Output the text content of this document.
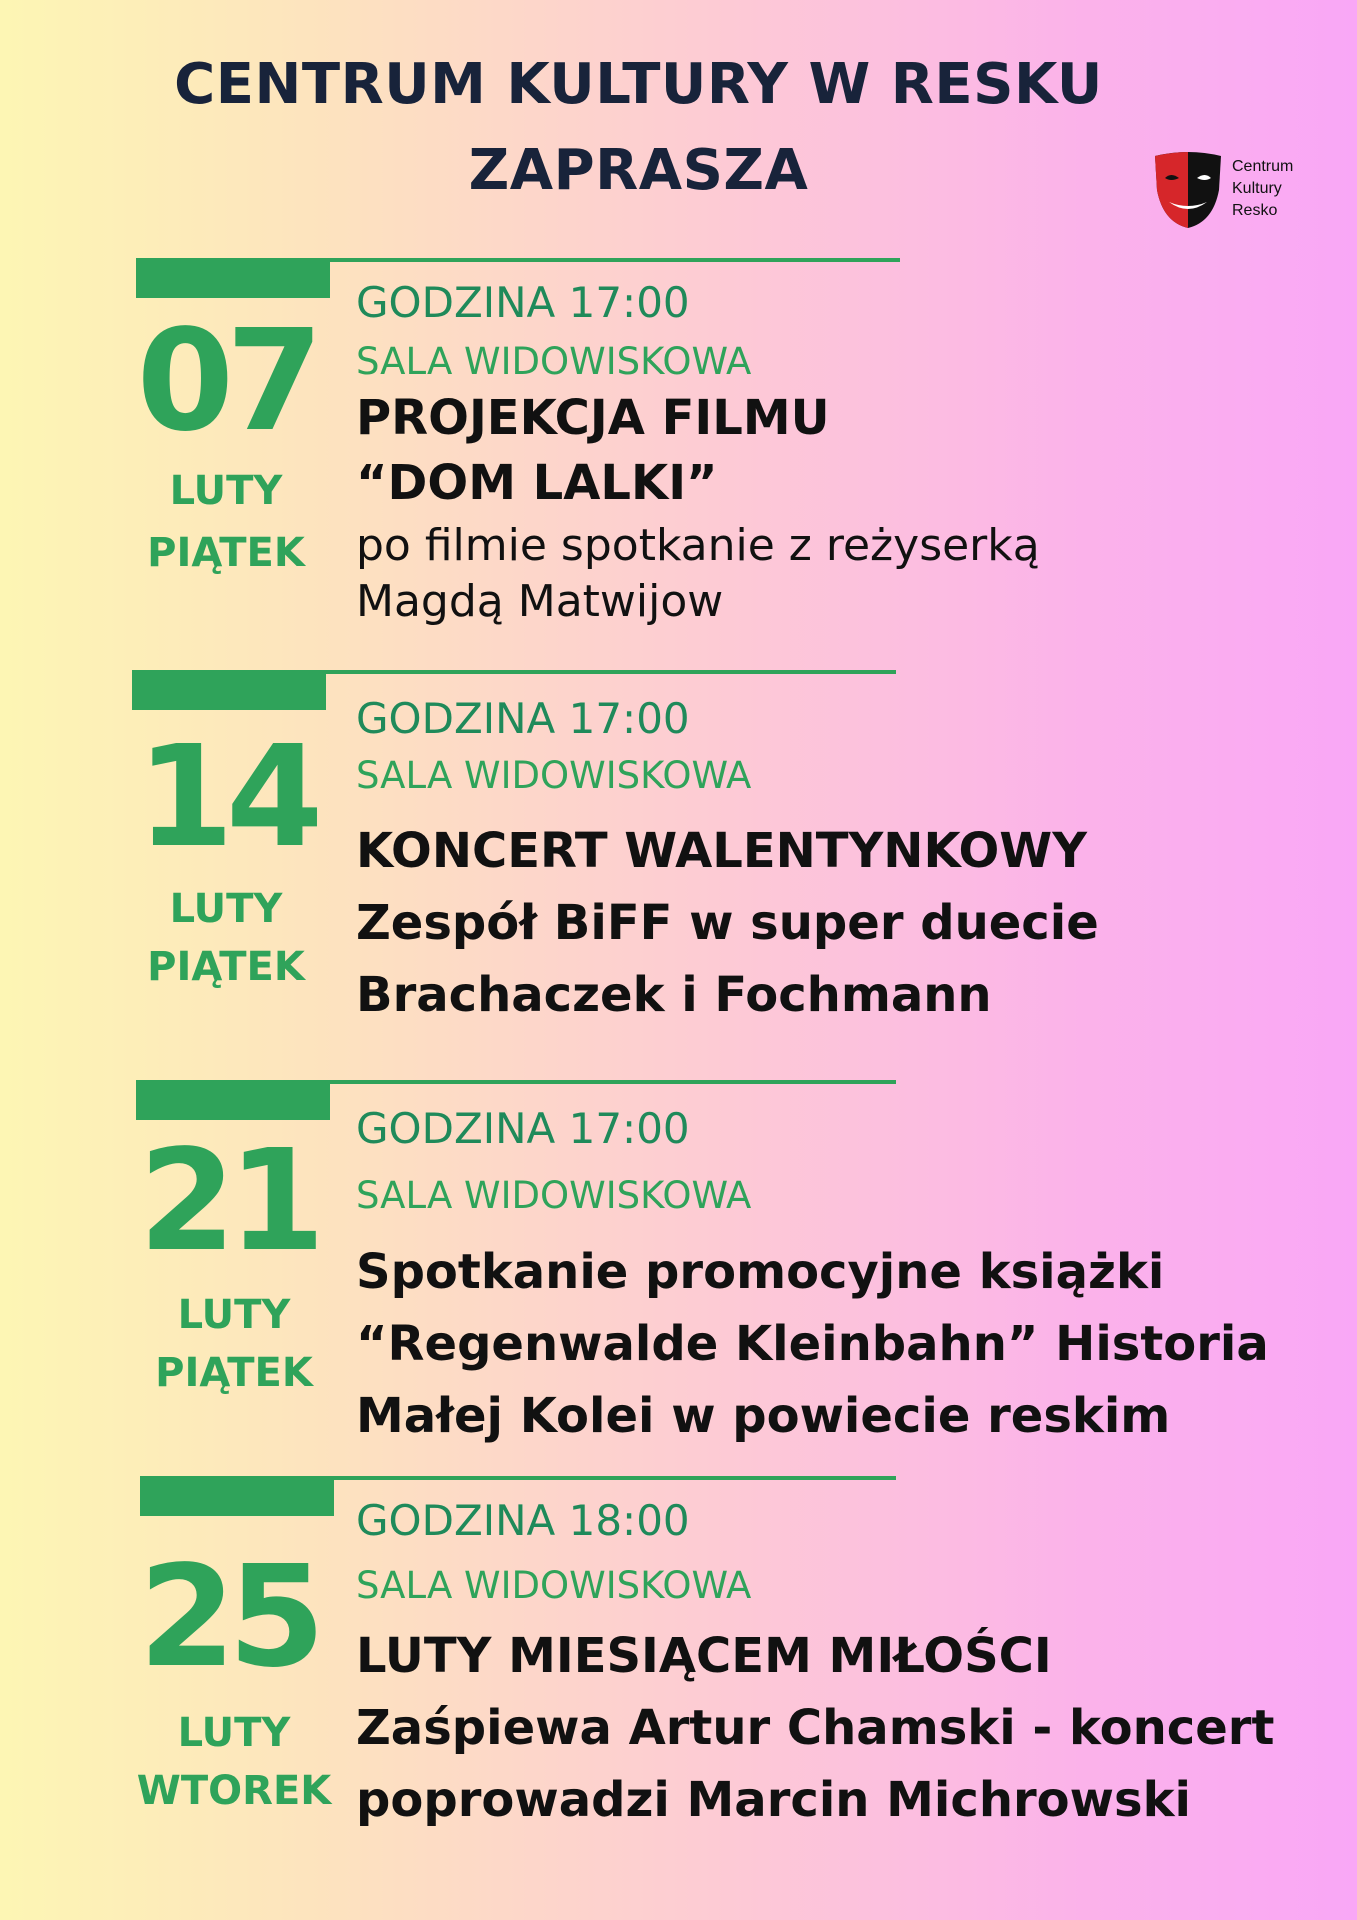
CENTRUM KULTURY W RESKU
ZAPRASZA	Centrum
Kultury
Resko
07
LUTY
PIĄTEK
GODZINA 17:00
SALA WIDOWISKOWA
PROJEKCJA FILMU
“DOM LALKI”
po filmie spotkanie z reżyserką
Magdą Matwijow
14
LUTY
PIĄTEK
GODZINA 17:00
SALA WIDOWISKOWA
KONCERT WALENTYNKOWY
Zespół BiFF w super duecie
Brachaczek i Fochmann
21
LUTY
PIĄTEK
GODZINA 17:00
SALA WIDOWISKOWA
Spotkanie promocyjne książki
“Regenwalde Kleinbahn” Historia
Małej Kolei w powiecie reskim
25
LUTY
WTOREK
GODZINA 18:00
SALA WIDOWISKOWA
LUTY MIESIĄCEM MIŁOŚCI
Zaśpiewa Artur Chamski - koncert
poprowadzi Marcin Michrowski
